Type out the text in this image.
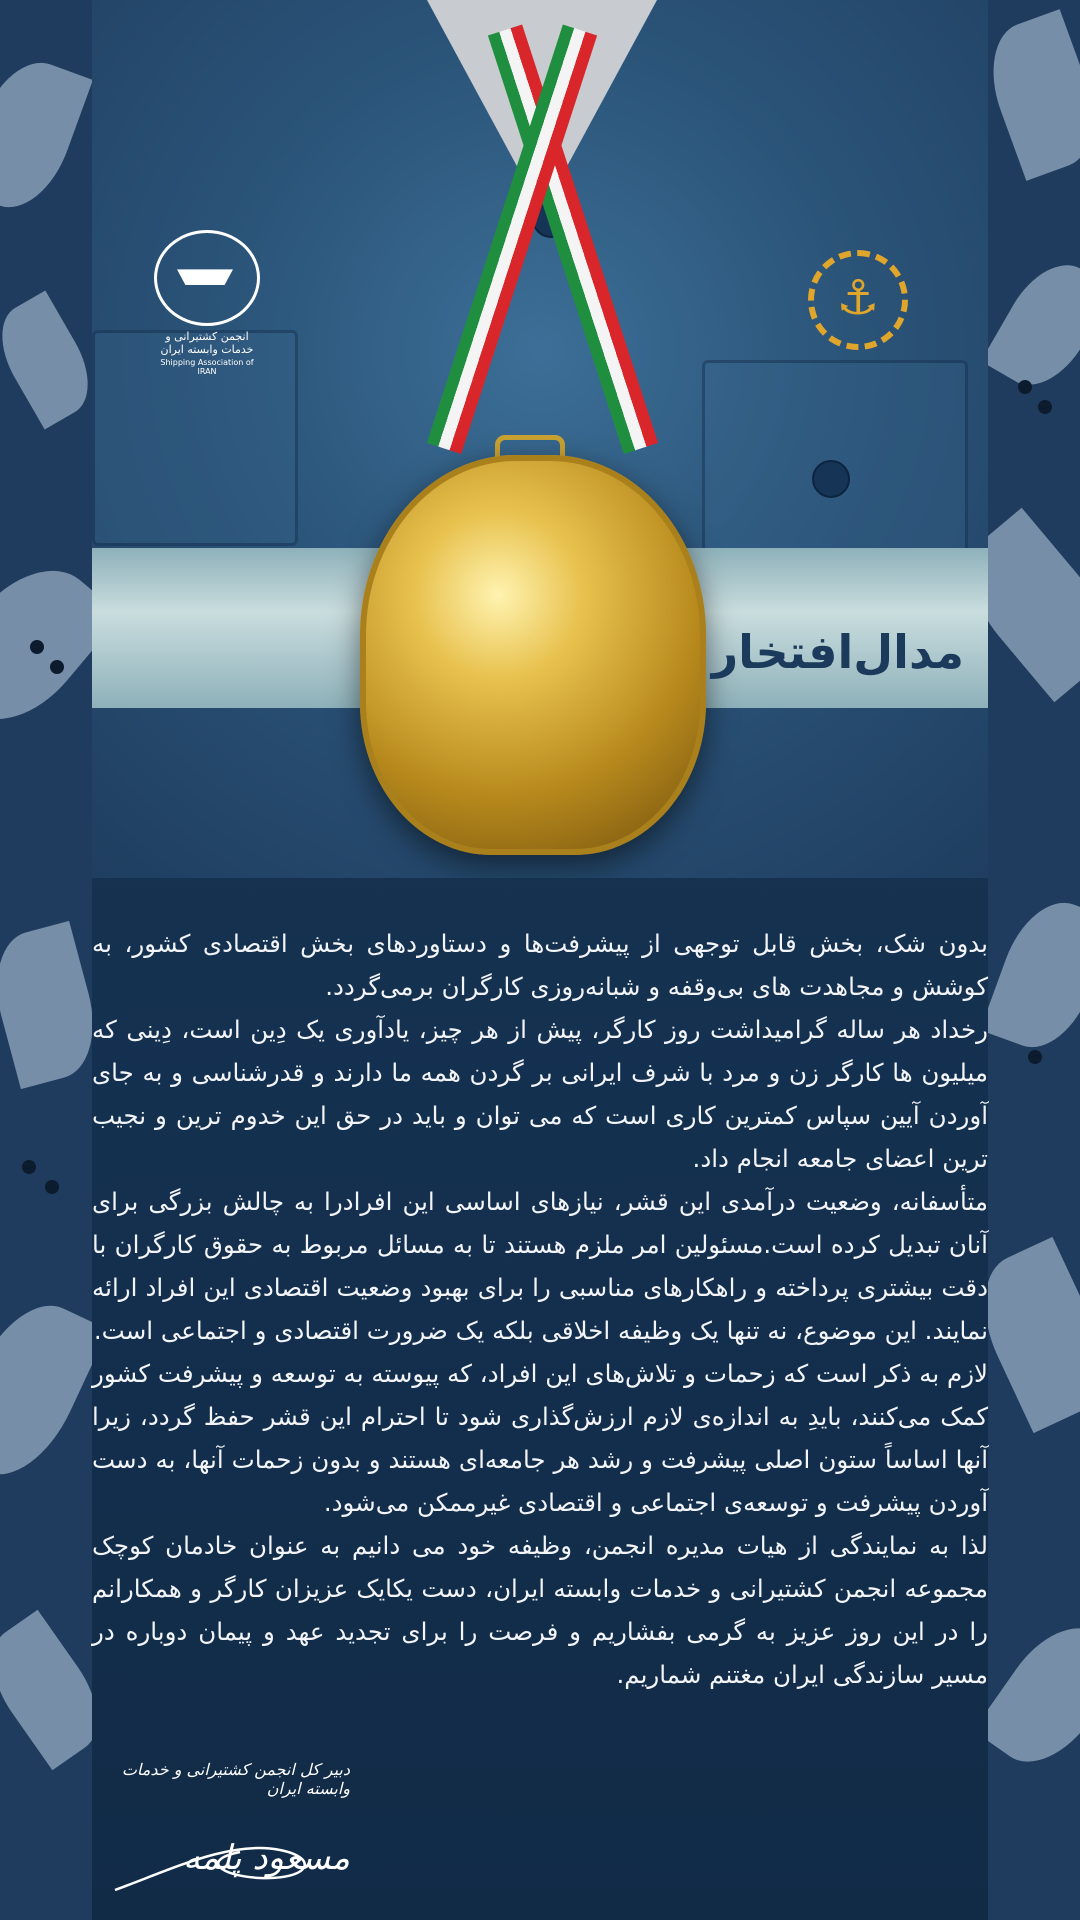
انجمن کشتیرانی و خدمات وابسته ایران
Shipping Association of IRAN
⚓
مدال‌افتخار

بدون شک، بخش قابل توجهی از پیشرفت‌ها و دستاوردهای بخش اقتصادی کشور، به کوشش و مجاهدت های بی‌وقفه و شبانه‌روزی کارگران برمی‌گردد.

رخداد هر ساله گرامیداشت روز کارگر، پیش از هر چیز، یادآوری یک دِین است، دِینی که میلیون ها کارگر زن و مرد با شرف ایرانی بر گردن همه ما دارند و قدرشناسی و به جای آوردن آیین سپاس کمترین کاری است که می توان و باید در حق این خدوم ترین و نجیب ترین اعضای جامعه انجام داد.

متأسفانه، وضعیت درآمدی این قشر، نیازهای اساسی این افرادرا به چالش بزرگی برای آنان تبدیل کرده است.مسئولین امر ملزم هستند تا به مسائل مربوط به حقوق کارگران با دقت بیشتری پرداخته و راهکارهای مناسبی را برای بهبود وضعیت اقتصادی این افراد ارائه نمایند. این موضوع، نه تنها یک وظیفه اخلاقی بلکه یک ضرورت اقتصادی و اجتماعی است.

لازم به ذکر است که زحمات و تلاش‌های این افراد، که پیوسته به توسعه و پیشرفت کشور کمک می‌کنند، بایدِ به اندازه‌ی لازم ارزش‌گذاری شود تا احترام این قشر حفظ گردد، زیرا آنها اساساً ستون اصلی پیشرفت و رشد هر جامعه‌ای هستند و بدون زحمات آنها، به دست آوردن پیشرفت و توسعه‌ی اجتماعی و اقتصادی غیرممکن می‌شود.

لذا به نمایندگی از هیات مدیره انجمن، وظیفه خود می دانیم به عنوان خادمان کوچک مجموعه انجمن کشتیرانی و خدمات وابسته ایران، دست یکایک عزیزان کارگر و همکارانم را در این روز عزیز به گرمی بفشاریم و فرصت را برای تجدید عهد و پیمان دوباره در مسیر سازندگی ایران مغتنم شماریم.

دبیر کل انجمن کشتیرانی و خدمات وابسته ایران
مسعود پلمه
